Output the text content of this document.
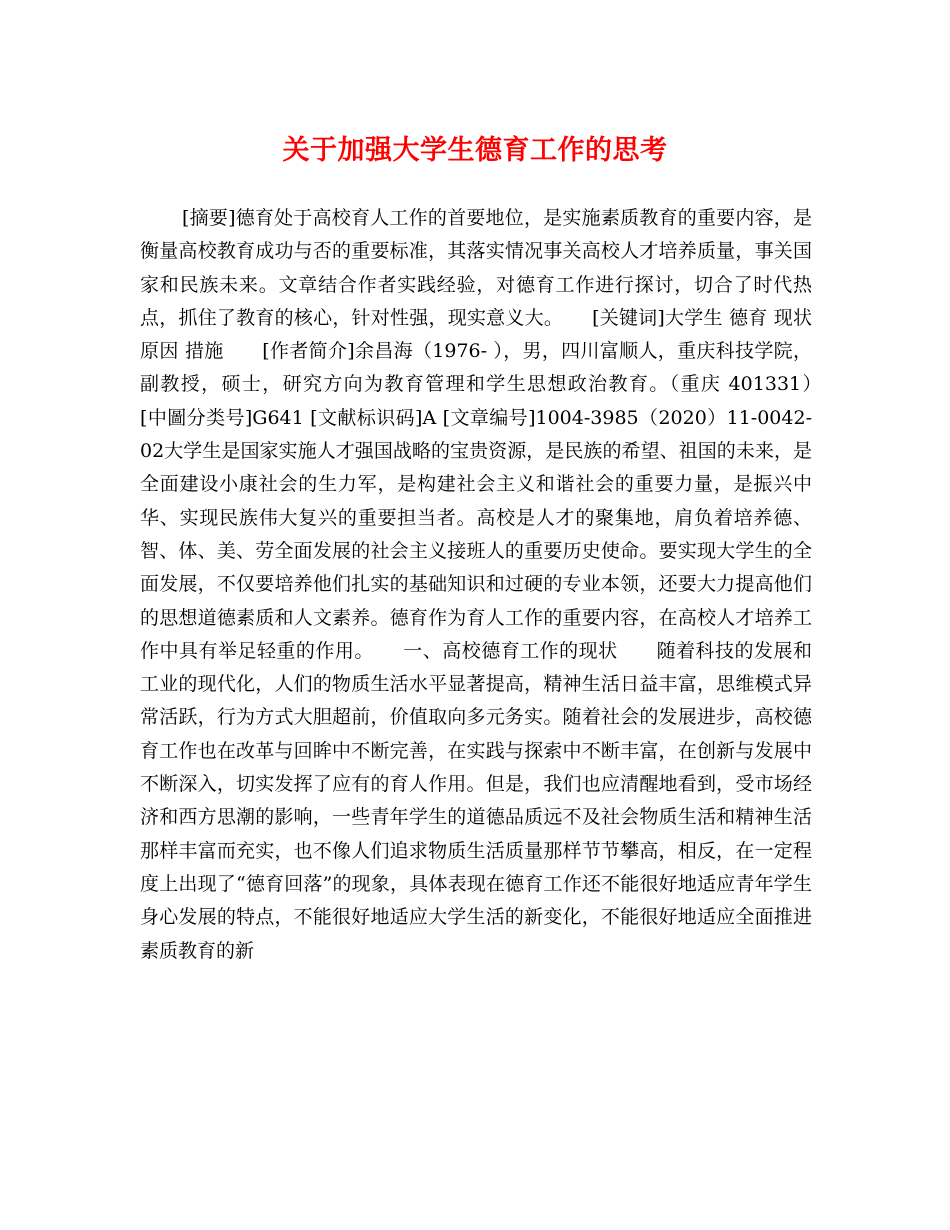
关于加强大学生德育工作的思考

[摘要]德育处于高校育人工作的首要地位，是实施素质教育的重要内容，是衡量高校教育成功与否的重要标准，其落实情况事关高校人才培养质量，事关国家和民族未来。文章结合作者实践经验，对德育工作进行探讨，切合了时代热点，抓住了教育的核心，针对性强，现实意义大。　　[关键词]大学生 德育 现状 原因 措施　　[作者简介]余昌海（1976- ），男，四川富顺人，重庆科技学院，副教授，硕士，研究方向为教育管理和学生思想政治教育。（重庆 401331）　　[中圖分类号]G641 [文献标识码]A [文章编号]1004-3985（2020）11-0042-02大学生是国家实施人才强国战略的宝贵资源，是民族的希望、祖国的未来，是全面建设小康社会的生力军，是构建社会主义和谐社会的重要力量，是振兴中华、实现民族伟大复兴的重要担当者。高校是人才的聚集地，肩负着培养德、智、体、美、劳全面发展的社会主义接班人的重要历史使命。要实现大学生的全面发展，不仅要培养他们扎实的基础知识和过硬的专业本领，还要大力提高他们的思想道德素质和人文素养。德育作为育人工作的重要内容，在高校人才培养工作中具有举足轻重的作用。　　一、高校德育工作的现状　　随着科技的发展和工业的现代化，人们的物质生活水平显著提高，精神生活日益丰富，思维模式异常活跃，行为方式大胆超前，价值取向多元务实。随着社会的发展进步，高校德育工作也在改革与回眸中不断完善，在实践与探索中不断丰富，在创新与发展中不断深入，切实发挥了应有的育人作用。但是，我们也应清醒地看到，受市场经济和西方思潮的影响，一些青年学生的道德品质远不及社会物质生活和精神生活那样丰富而充实，也不像人们追求物质生活质量那样节节攀高，相反，在一定程度上出现了“德育回落”的现象，具体表现在德育工作还不能很好地适应青年学生身心发展的特点，不能很好地适应大学生活的新变化，不能很好地适应全面推进素质教育的新
